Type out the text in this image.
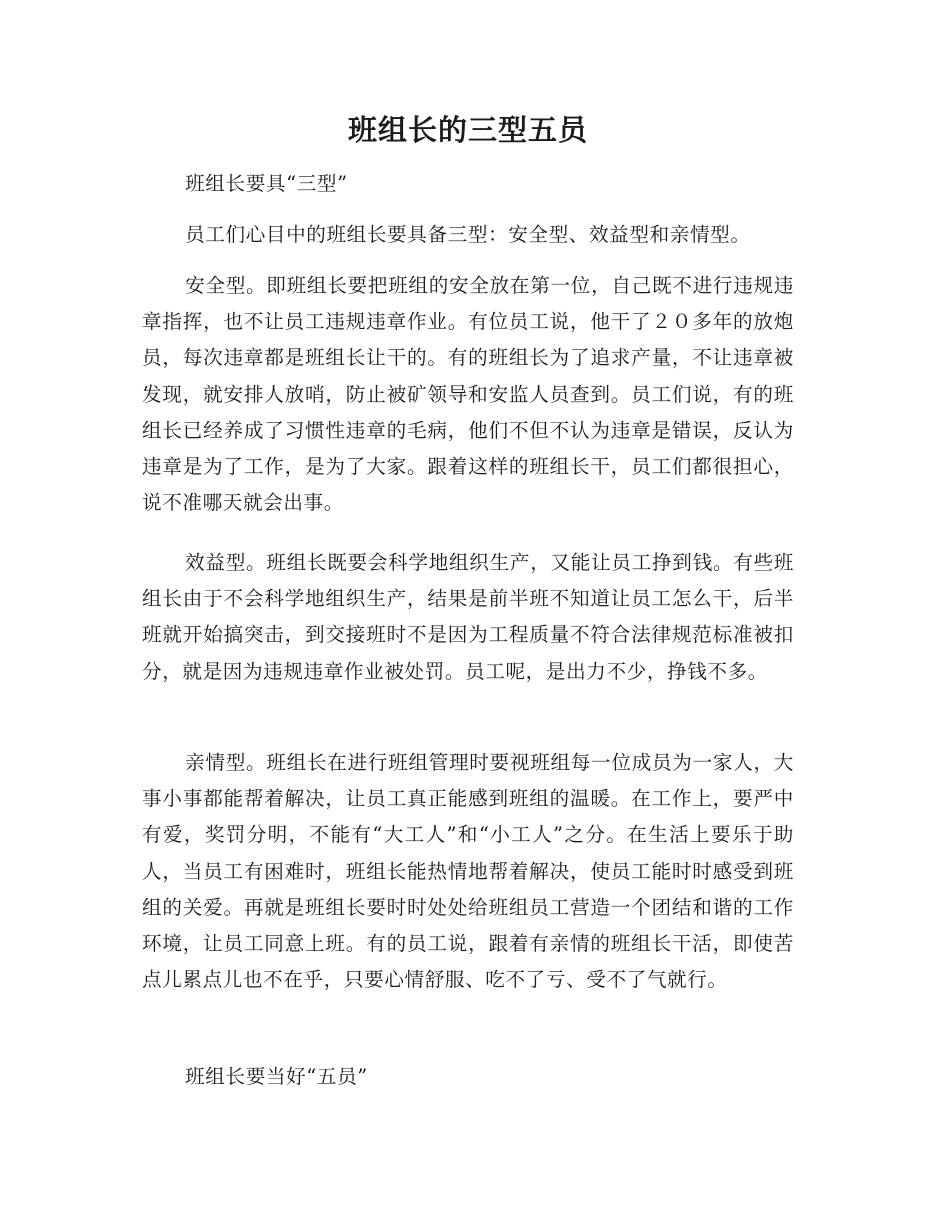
班组长的三型五员

班组长要具“三型”

员工们心目中的班组长要具备三型：安全型、效益型和亲情型。

安全型。即班组长要把班组的安全放在第一位，自己既不进行违规违章指挥，也不让员工违规违章作业。有位员工说，他干了２０多年的放炮员，每次违章都是班组长让干的。有的班组长为了追求产量，不让违章被发现，就安排人放哨，防止被矿领导和安监人员查到。员工们说，有的班组长已经养成了习惯性违章的毛病，他们不但不认为违章是错误，反认为违章是为了工作，是为了大家。跟着这样的班组长干，员工们都很担心，说不准哪天就会出事。

效益型。班组长既要会科学地组织生产，又能让员工挣到钱。有些班组长由于不会科学地组织生产，结果是前半班不知道让员工怎么干，后半班就开始搞突击，到交接班时不是因为工程质量不符合法律规范标准被扣分，就是因为违规违章作业被处罚。员工呢，是出力不少，挣钱不多。

亲情型。班组长在进行班组管理时要视班组每一位成员为一家人，大事小事都能帮着解决，让员工真正能感到班组的温暖。在工作上，要严中有爱，奖罚分明，不能有“大工人”和“小工人”之分。在生活上要乐于助人，当员工有困难时，班组长能热情地帮着解决，使员工能时时感受到班组的关爱。再就是班组长要时时处处给班组员工营造一个团结和谐的工作环境，让员工同意上班。有的员工说，跟着有亲情的班组长干活，即使苦点儿累点儿也不在乎，只要心情舒服、吃不了亏、受不了气就行。

班组长要当好“五员”
